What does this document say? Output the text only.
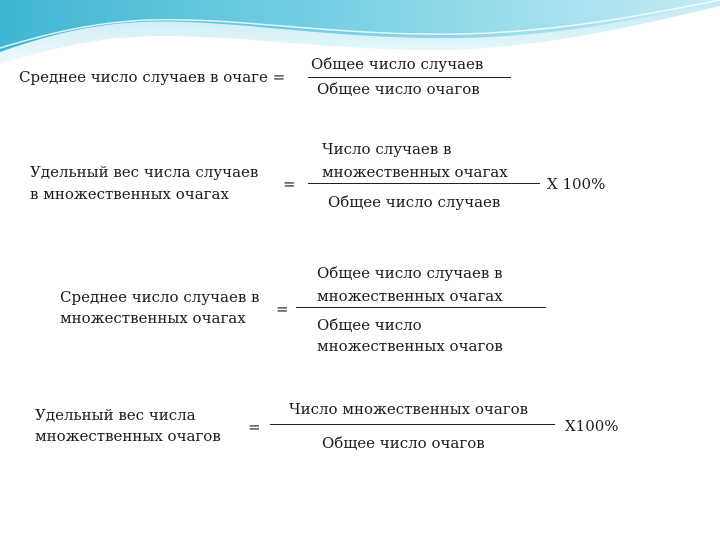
Среднее число случаев в очаге =
Общее число случаев
Общее число очагов
Удельный вес числа случаев
в множественных очагах
=
Число случаев в
множественных очагах
Общее число случаев
Х 100%
Среднее число случаев в
множественных очагах =
Общее число случаев в
множественных очагах
Общее число
множественных очагов
Удельный вес числа
множественных очагов =
Число множественных очагов
Общее число очагов
Х100%
